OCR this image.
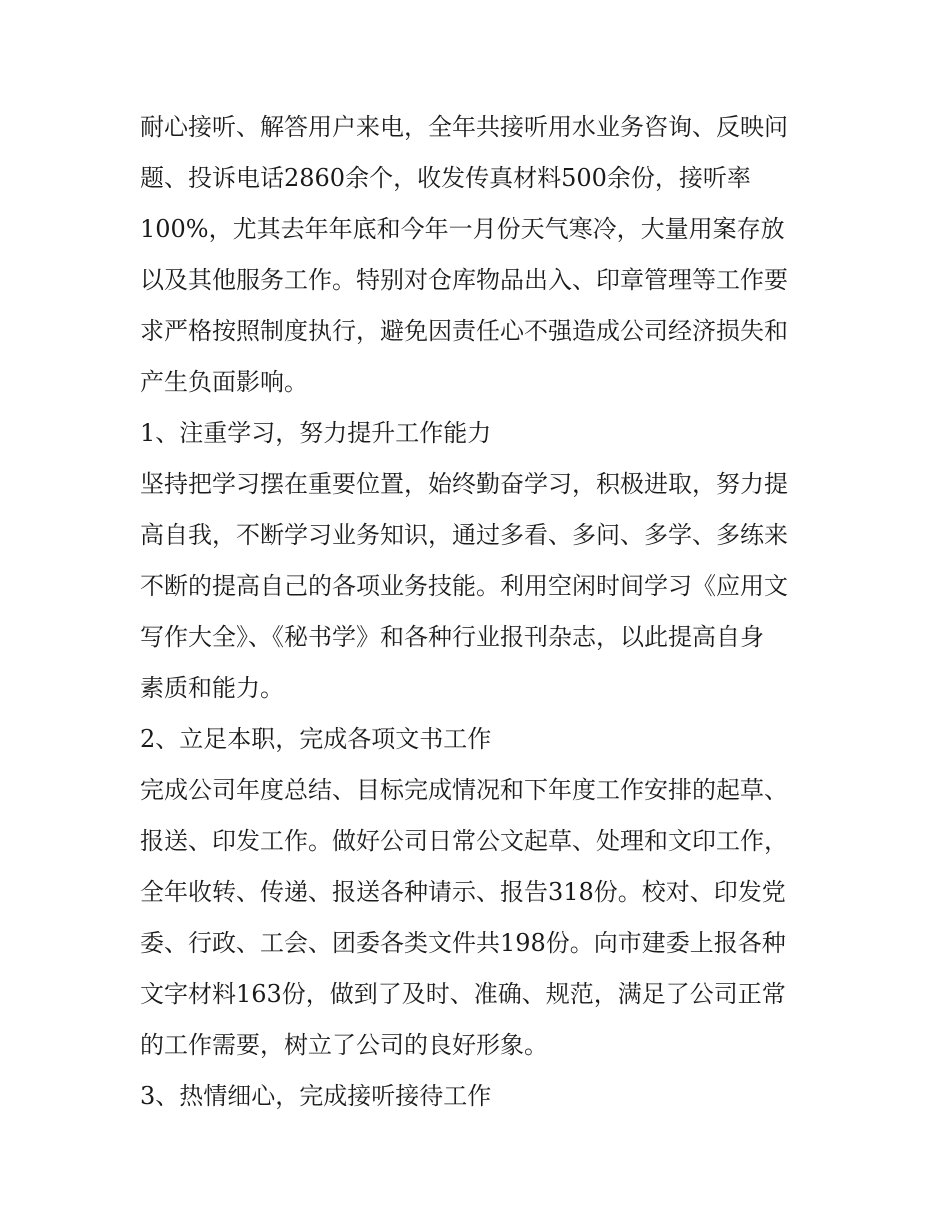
耐心接听、解答用户来电，全年共接听用水业务咨询、反映问
题、投诉电话2860余个，收发传真材料500余份，接听率
100%，尤其去年年底和今年一月份天气寒冷，大量用案存放
以及其他服务工作。特别对仓库物品出入、印章管理等工作要
求严格按照制度执行，避免因责任心不强造成公司经济损失和
产生负面影响。
1、注重学习，努力提升工作能力
坚持把学习摆在重要位置，始终勤奋学习，积极进取，努力提
高自我，不断学习业务知识，通过多看、多问、多学、多练来
不断的提高自己的各项业务技能。利用空闲时间学习《应用文
写作大全》、《秘书学》和各种行业报刊杂志，以此提高自身
素质和能力。
2、立足本职，完成各项文书工作
完成公司年度总结、目标完成情况和下年度工作安排的起草、
报送、印发工作。做好公司日常公文起草、处理和文印工作，
全年收转、传递、报送各种请示、报告318份。校对、印发党
委、行政、工会、团委各类文件共198份。向市建委上报各种
文字材料163份，做到了及时、准确、规范，满足了公司正常
的工作需要，树立了公司的良好形象。
3、热情细心，完成接听接待工作
